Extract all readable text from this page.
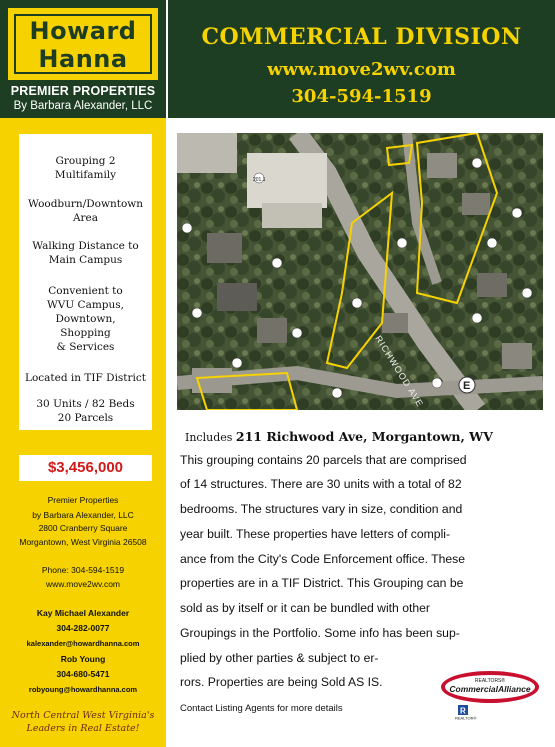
Howard
Hanna
PREMIER PROPERTIES
By Barbara Alexander, LLC
COMMERCIAL DIVISION
www.move2wv.com
304-594-1519
Grouping 2
Multifamily
Woodburn/Downtown
Area
Walking Distance to
Main Campus
Convenient to
WVU Campus,
Downtown,
Shopping
& Services
Located in TIF District
30 Units / 82 Beds
20 Parcels
$3,456,000
Premier Properties
by Barbara Alexander, LLC
2800 Cranberry Square
Morgantown, West Virginia 26508
Phone: 304-594-1519
www.move2wv.com
Kay Michael Alexander
304-282-0077
kalexander@howardhanna.com
Rob Young
304-680-5471
robyoung@howardhanna.com
North Central West Virginia's
Leaders in Real Estate!
RICHWOOD AVE	E
201.1
Includes 211 Richwood Ave, Morgantown, WV
This grouping contains 20 parcels that are comprised
of 14 structures. There are 30 units with a total of 82
bedrooms. The structures vary in size, condition and
year built. These properties have letters of compli-
ance from the City's Code Enforcement office. These
properties are in a TIF District. This Grouping can be
sold as by itself or it can be bundled with other
Groupings in the Portfolio. Some info has been sup-
plied by other parties & subject to er-
rors. Properties are being Sold AS IS.
Contact Listing Agents for more details
REALTORS®
CommercialAlliance
R
REALTOR®
